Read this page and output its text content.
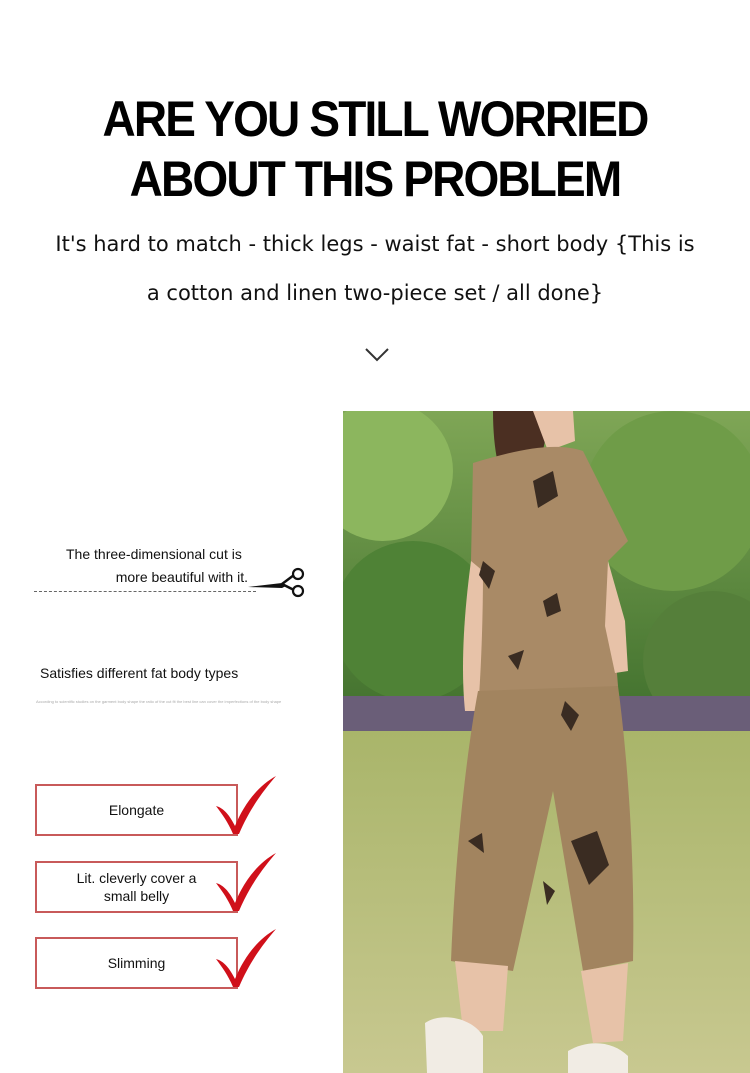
ARE YOU STILL WORRIED
ABOUT THIS PROBLEM
It's hard to match - thick legs - waist fat - short body {This is
a cotton and linen two-piece set / all done}
The three-dimensional cut is
more beautiful with it.
Satisfies different fat body types
According to scientific studies on the garment body shape the ratio of the cut fit the best line can cover the imperfections of the body shape
Elongate
Lit. cleverly cover a
small belly
Slimming
